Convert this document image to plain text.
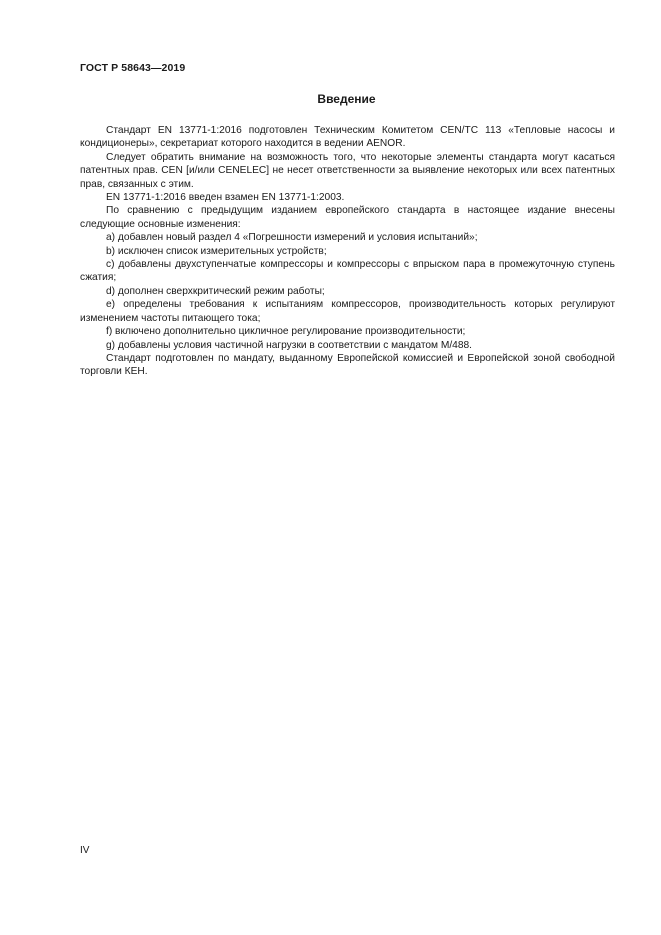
ГОСТ Р 58643—2019
Введение

Стандарт EN 13771-1:2016 подготовлен Техническим Комитетом CEN/TC 113 «Тепловые насосы и кондиционеры», секретариат которого находится в ведении AENOR.

Следует обратить внимание на возможность того, что некоторые элементы стандарта могут касаться патентных прав. CEN [и/или CENELEC] не несет ответственности за выявление некоторых или всех патентных прав, связанных с этим.

EN 13771-1:2016 введен взамен EN 13771-1:2003.

По сравнению с предыдущим изданием европейского стандарта в настоящее издание внесены следующие основные изменения:

a) добавлен новый раздел 4 «Погрешности измерений и условия испытаний»;

b) исключен список измерительных устройств;

c) добавлены двухступенчатые компрессоры и компрессоры с впрыском пара в промежуточную ступень сжатия;

d) дополнен сверхкритический режим работы;

e) определены требования к испытаниям компрессоров, производительность которых регулируют изменением частоты питающего тока;

f) включено дополнительно цикличное регулирование производительности;

g) добавлены условия частичной нагрузки в соответствии с мандатом M/488.

Стандарт подготовлен по мандату, выданному Европейской комиссией и Европейской зоной свободной торговли КЕН.

IV
